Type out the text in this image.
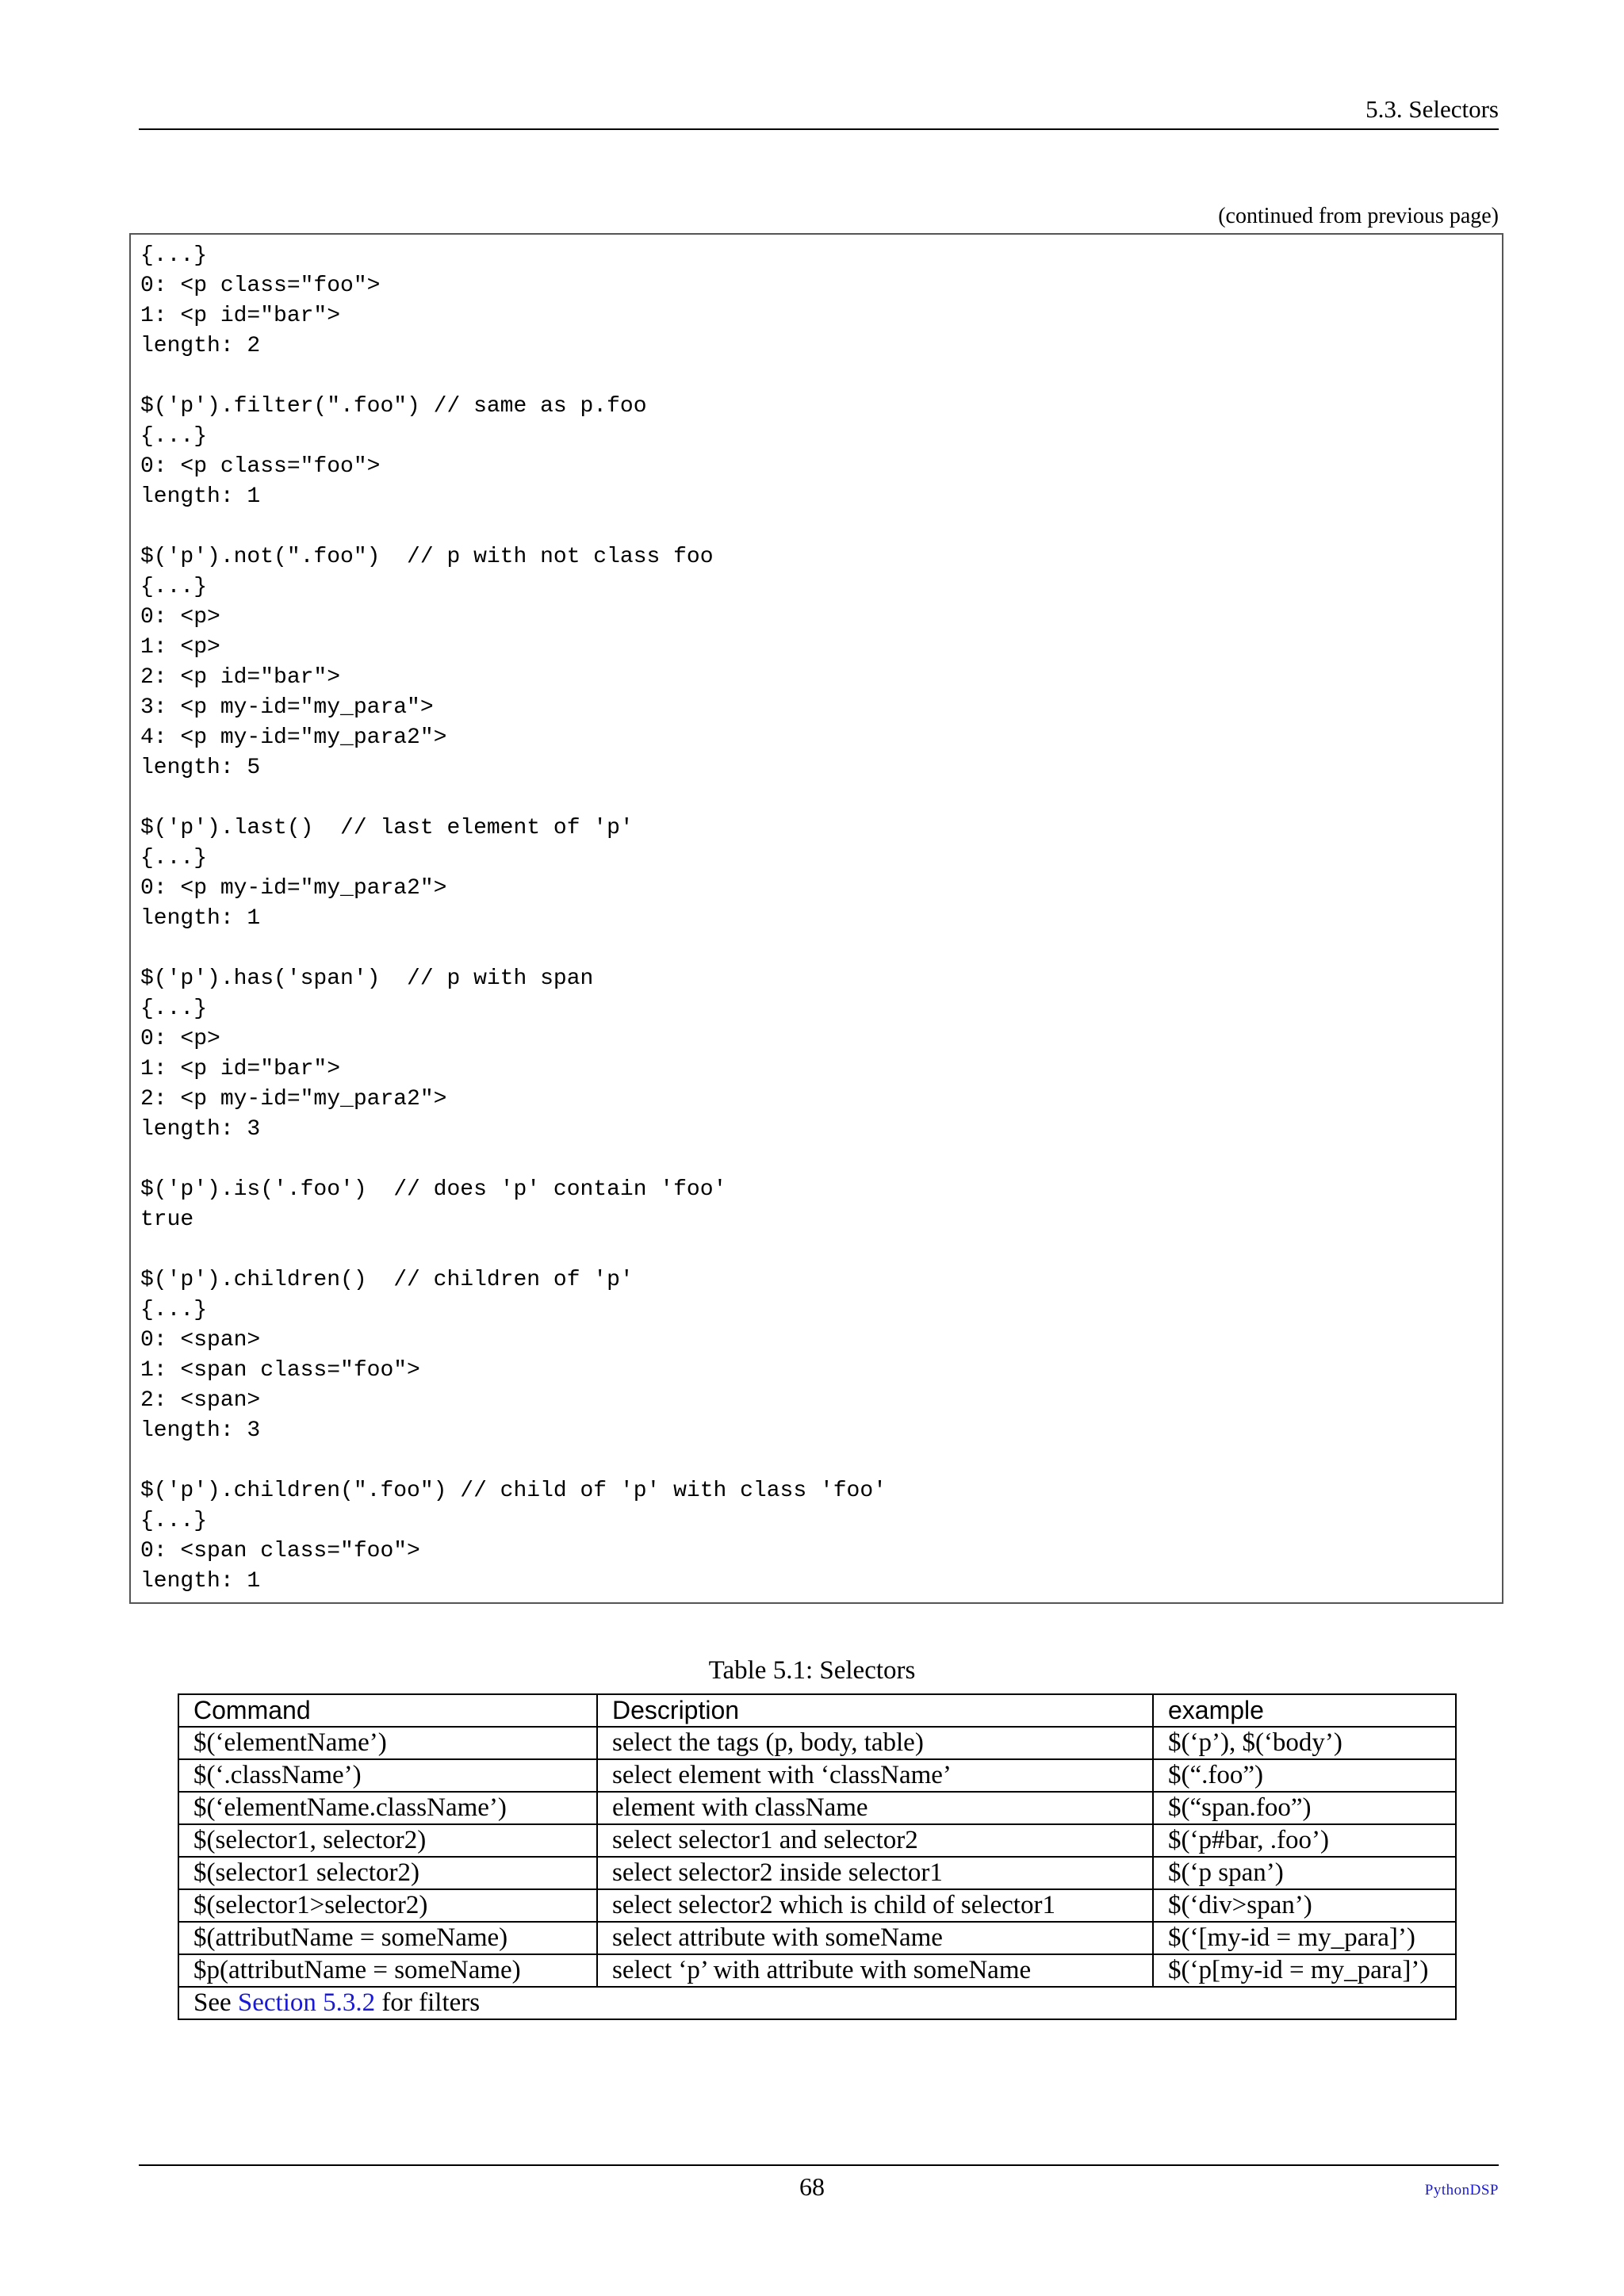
5.3. Selectors
(continued from previous page)
{...}
0: <p class="foo">
1: <p id="bar">
length: 2
$('p').filter(".foo") // same as p.foo
{...}
0: <p class="foo">
length: 1
$('p').not(".foo")  // p with not class foo
{...}
0: <p>
1: <p>
2: <p id="bar">
3: <p my-id="my_para">
4: <p my-id="my_para2">
length: 5
$('p').last()  // last element of 'p'
{...}
0: <p my-id="my_para2">
length: 1
$('p').has('span')  // p with span
{...}
0: <p>
1: <p id="bar">
2: <p my-id="my_para2">
length: 3
$('p').is('.foo')  // does 'p' contain 'foo'
true
$('p').children()  // children of 'p'
{...}
0: <span>
1: <span class="foo">
2: <span>
length: 3
$('p').children(".foo") // child of 'p' with class 'foo'
{...}
0: <span class="foo">
length: 1
Table 5.1: Selectors
Command	Description	example
$(‘elementName’)	select the tags (p, body, table)	$(‘p’), $(‘body’)
$(‘.className’)	select element with ‘className’	$(“.foo”)
$(‘elementName.className’)	element with className	$(“span.foo”)
$(selector1, selector2)	select selector1 and selector2	$(‘p#bar, .foo’)
$(selector1 selector2)	select selector2 inside selector1	$(‘p span’)
$(selector1>selector2)	select selector2 which is child of selector1	$(‘div>span’)
$(attributName = someName)	select attribute with someName	$(‘[my-id = my_para]’)
$p(attributName = someName)	select ‘p’ with attribute with someName	$(‘p[my-id = my_para]’)
See Section 5.3.2 for filters		
68	PythonDSP
